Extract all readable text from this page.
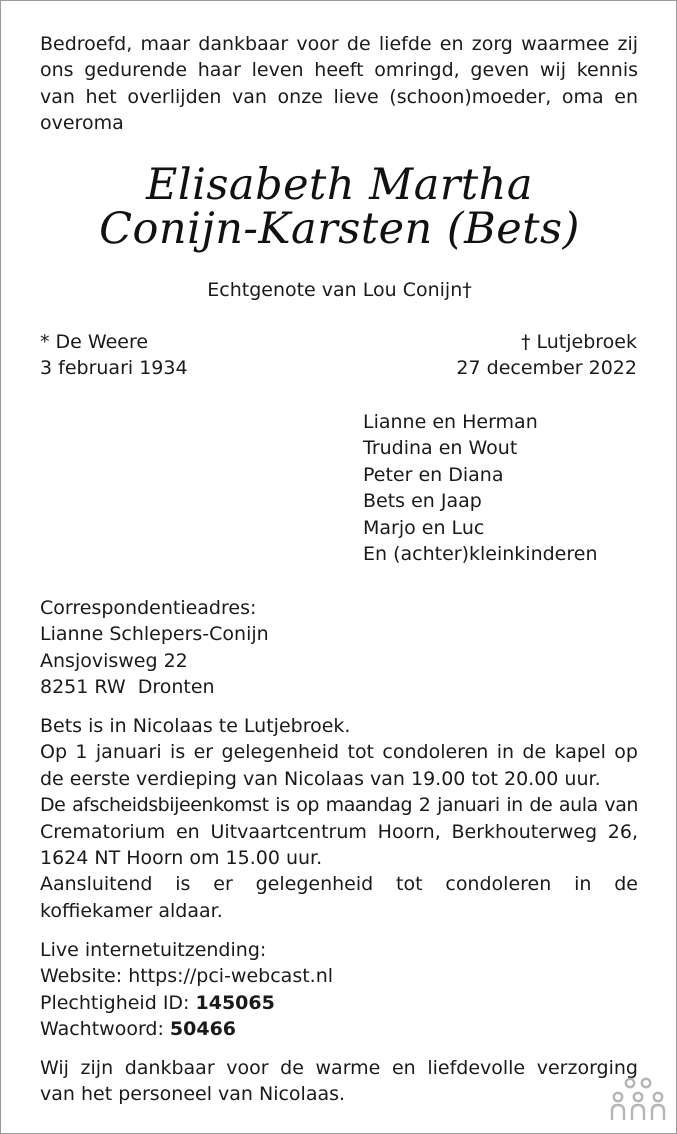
Bedroefd, maar dankbaar voor de liefde en zorg waarmee zij
ons gedurende haar leven heeft omringd, geven wij kennis
van het overlijden van onze lieve (schoon)moeder, oma en
overoma
Elisabeth Martha
Conijn-Karsten (Bets)
Echtgenote van Lou Conijn†
* De Weere
3 februari 1934
† Lutjebroek
27 december 2022
Lianne en Herman
Trudina en Wout
Peter en Diana
Bets en Jaap
Marjo en Luc
En (achter)kleinkinderen
Correspondentieadres:
Lianne Schlepers-Conijn
Ansjovisweg 22
8251 RW  Dronten
Bets is in Nicolaas te Lutjebroek.
Op 1 januari is er gelegenheid tot condoleren in de kapel op
de eerste verdieping van Nicolaas van 19.00 tot 20.00 uur.
De afscheidsbijeenkomst is op maandag 2 januari in de aula van
Crematorium en Uitvaartcentrum Hoorn, Berkhouterweg 26,
1624 NT Hoorn om 15.00 uur.
Aansluitend is er gelegenheid tot condoleren in de
koffiekamer aldaar.
Live internetuitzending:
Website: https://pci-webcast.nl
Plechtigheid ID: 145065
Wachtwoord: 50466
Wij zijn dankbaar voor de warme en liefdevolle verzorging
van het personeel van Nicolaas.
